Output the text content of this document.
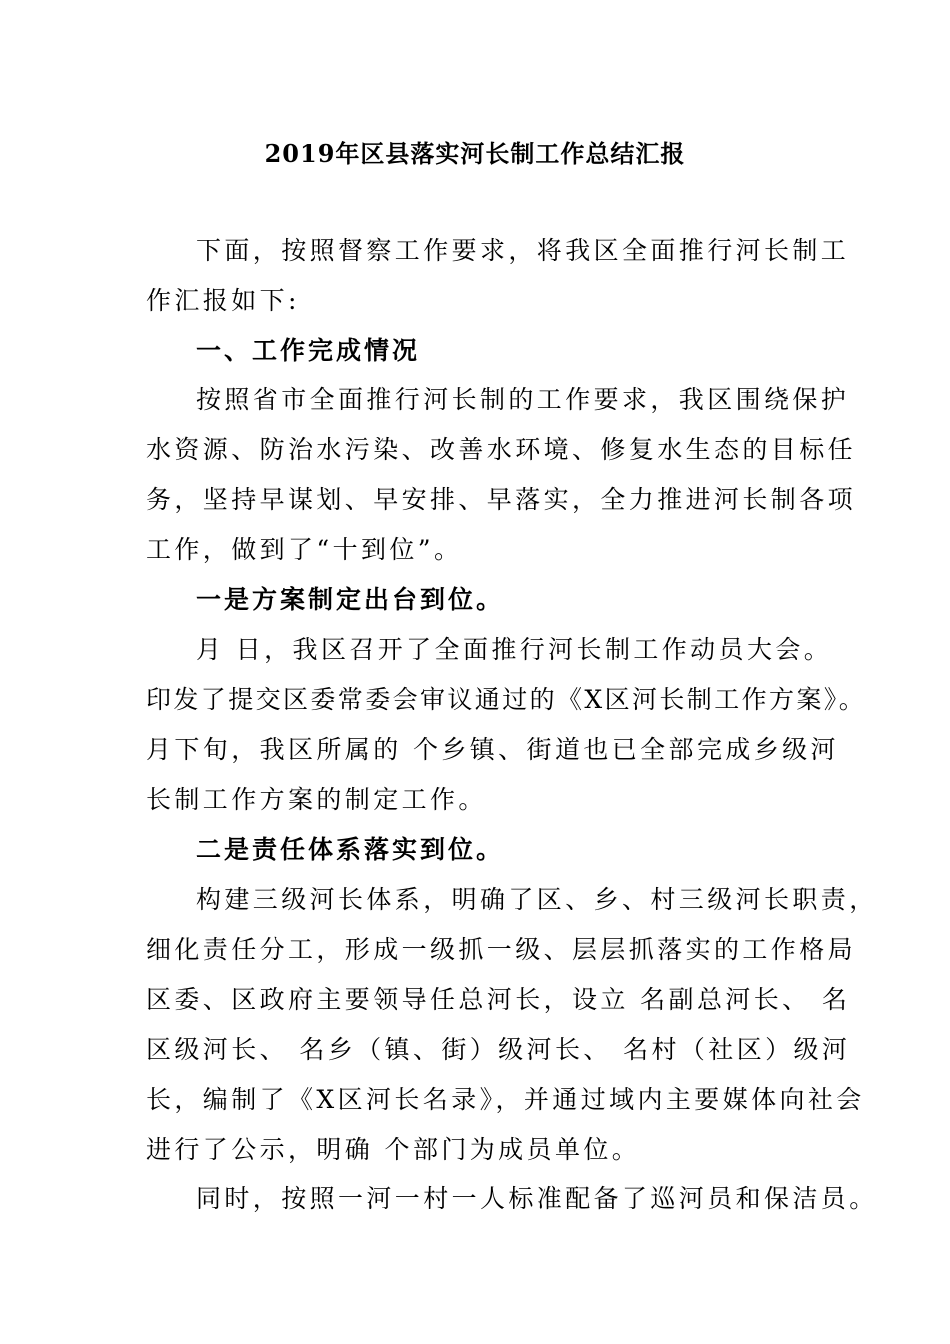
2019年区县落实河长制工作总结汇报
下面，按照督察工作要求，将我区全面推行河长制工
作汇报如下:
一、工作完成情况
按照省市全面推行河长制的工作要求，我区围绕保护
水资源、防治水污染、改善水环境、修复水生态的目标任
务，坚持早谋划、早安排、早落实，全力推进河长制各项
工作，做到了“十到位”。
一是方案制定出台到位。
月 日，我区召开了全面推行河长制工作动员大会。
印发了提交区委常委会审议通过的《X区河长制工作方案》。
月下旬，我区所属的 个乡镇、街道也已全部完成乡级河
长制工作方案的制定工作。
二是责任体系落实到位。
构建三级河长体系，明确了区、乡、村三级河长职责，
细化责任分工，形成一级抓一级、层层抓落实的工作格局
区委、区政府主要领导任总河长，设立 名副总河长、 名
区级河长、 名乡（镇、街）级河长、 名村（社区）级河
长，编制了《X区河长名录》，并通过域内主要媒体向社会
进行了公示，明确 个部门为成员单位。
同时，按照一河一村一人标准配备了巡河员和保洁员。
